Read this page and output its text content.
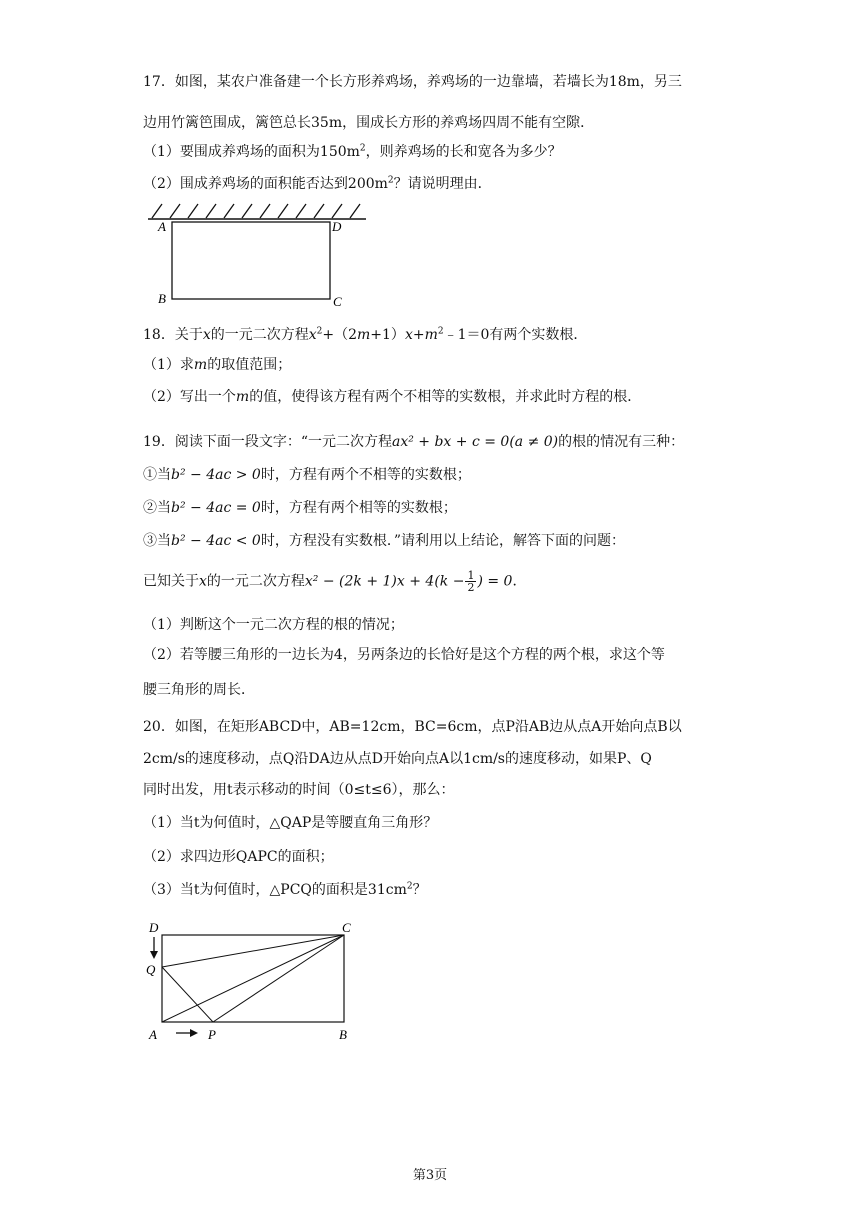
17．如图，某农户准备建一个长方形养鸡场，养鸡场的一边靠墙，若墙长为18m，另三
边用竹篱笆围成，篱笆总长35m，围成长方形的养鸡场四周不能有空隙．
（1）要围成养鸡场的面积为$150m^2$，则养鸡场的长和宽各为多少？
（2）围成养鸡场的面积能否达到$200m^2$？请说明理由．
A	D
B	C
18．关于x的一元二次方程$x^2+(2m+1)x+m^2﹣1=0$有两个实数根．
（1）求m的取值范围；
（2）写出一个m的值，使得该方程有两个不相等的实数根，并求此时方程的根．
19．阅读下面一段文字：“一元二次方程ax² + bx + c = 0(a ≠ 0)的根的情况有三种：
①当b² − 4ac > 0时，方程有两个不相等的实数根；
②当b² − 4ac = 0时，方程有两个相等的实数根；
③当b² − 4ac < 0时，方程没有实数根．”请利用以上结论，解答下面的问题：
已知关于x的一元二次方程$x^2 - (2k + 1)x + 4(k - \frac{1}{2}$ ) = 0．
（1）判断这个一元二次方程的根的情况；
（2）若等腰三角形的一边长为4，另两条边的长恰好是这个方程的两个根，求这个等
腰三角形的周长．
20．如图，在矩形ABCD中，AB=12cm，BC=6cm，点P沿AB边从点A开始向点B以
2cm/s的速度移动，点Q沿DA边从点D开始向点A以1cm/s的速度移动，如果P、Q
同时出发，用t表示移动的时间（0≤t≤6），那么：
（1）当t为何值时，△QAP是等腰直角三角形？
（2）求四边形QAPC的面积；
（3）当t为何值时，△PCQ的面积是$31cm^2$？
D	C
Q
A	P	B
第3页
